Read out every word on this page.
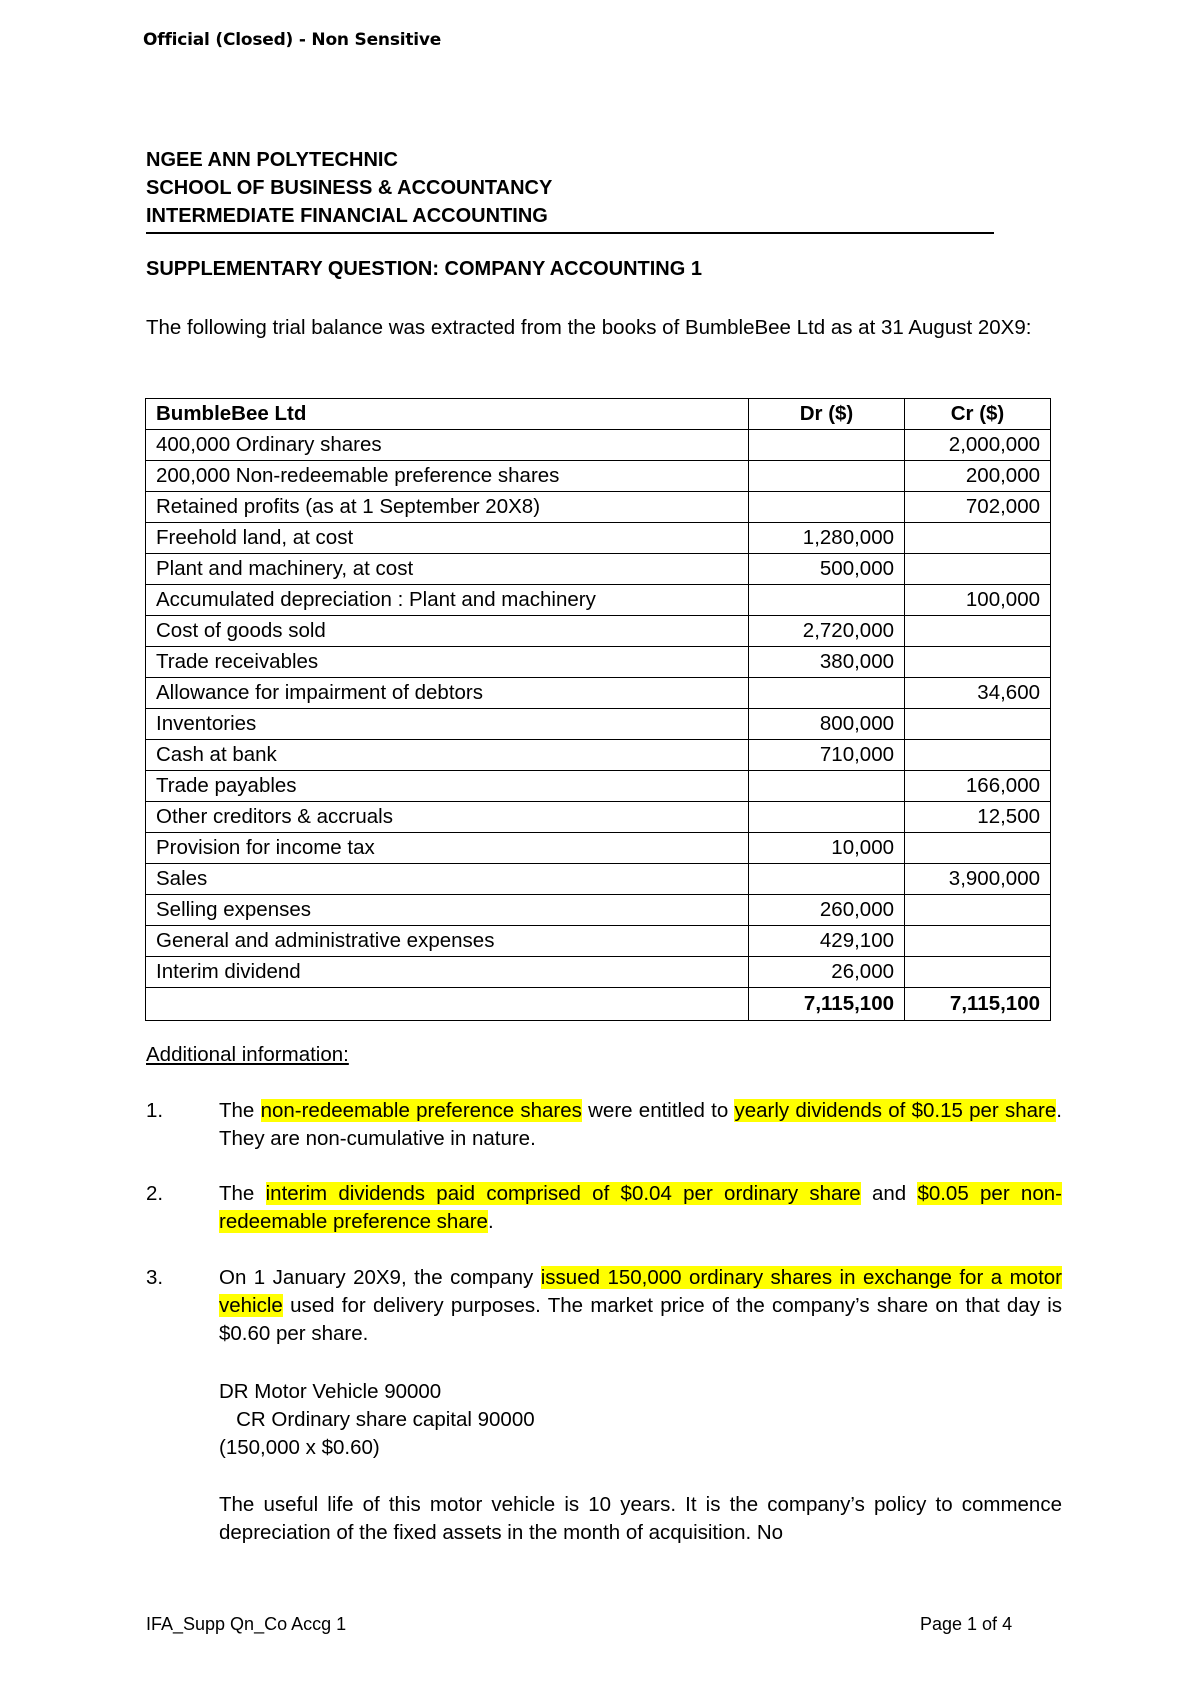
Official (Closed) - Non Sensitive
NGEE ANN POLYTECHNIC
SCHOOL OF BUSINESS & ACCOUNTANCY
INTERMEDIATE FINANCIAL ACCOUNTING
SUPPLEMENTARY QUESTION: COMPANY ACCOUNTING 1
The following trial balance was extracted from the books of BumbleBee Ltd as at 31 August 20X9:
BumbleBee Ltd	Dr ($)	Cr ($)
400,000 Ordinary shares		2,000,000
200,000 Non-redeemable preference shares		200,000
Retained profits (as at 1 September 20X8)		702,000
Freehold land, at cost	1,280,000	
Plant and machinery, at cost	500,000	
Accumulated depreciation : Plant and machinery		100,000
Cost of goods sold	2,720,000	
Trade receivables	380,000	
Allowance for impairment of debtors		34,600
Inventories	800,000	
Cash at bank	710,000	
Trade payables		166,000
Other creditors & accruals		12,500
Provision for income tax	10,000	
Sales		3,900,000
Selling expenses	260,000	
General and administrative expenses	429,100	
Interim dividend	26,000	
	7,115,100	7,115,100
Additional information:
1.	The non-redeemable preference shares were entitled to yearly dividends of $0.15 per share. They are non-cumulative in nature.
2.	The interim dividends paid comprised of $0.04 per ordinary share and $0.05 per non-redeemable preference share.
3.	On 1 January 20X9, the company issued 150,000 ordinary shares in exchange for a motor vehicle used for delivery purposes. The market price of the company’s share on that day is $0.60 per share.
DR Motor Vehicle 90000
CR Ordinary share capital 90000
(150,000 x $0.60)
The useful life of this motor vehicle is 10 years. It is the company’s policy to commence depreciation of the fixed assets in the month of acquisition. No
IFA_Supp Qn_Co Accg 1	Page 1 of 4
